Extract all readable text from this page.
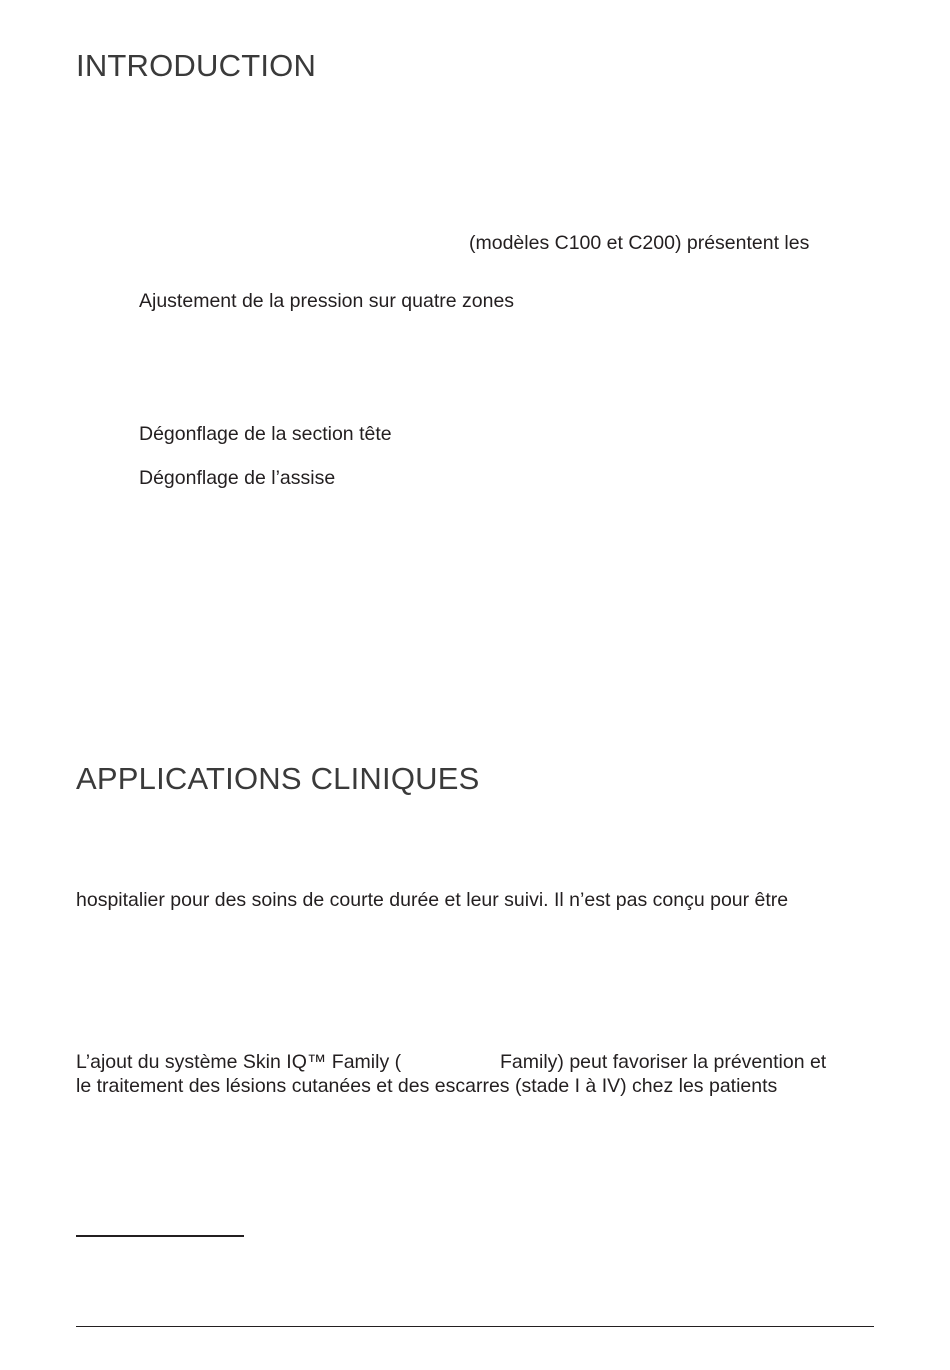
INTRODUCTION

(modèles C100 et C200) présentent les

Ajustement de la pression sur quatre zones

Dégonflage de la section tête

Dégonflage de l’assise

APPLICATIONS CLINIQUES

hospitalier pour des soins de courte durée et leur suivi. Il n’est pas conçu pour être

L’ajout du système Skin IQ™ Family (	Family) peut favoriser la prévention et

le traitement des lésions cutanées et des escarres (stade I à IV) chez les patients
